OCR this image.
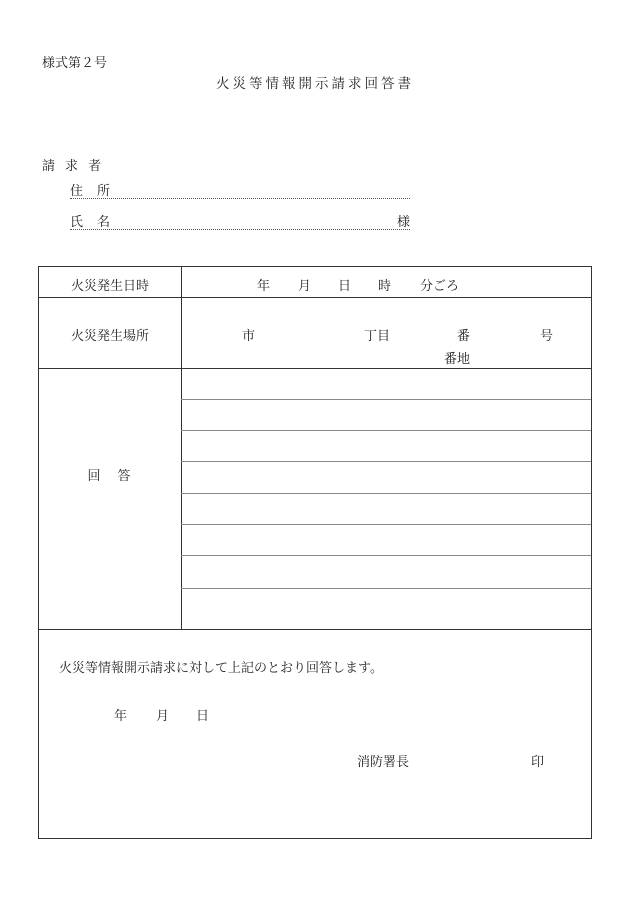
様式第２号
火災等情報開示請求回答書
請求者
住所
氏名	様
火災発生日時	年 月 日 時 分ごろ
火災発生場所	市	丁目	番	号
番地
回　答
火災等情報開示請求に対して上記のとおり回答します。
年 月 日
消防署長	印
